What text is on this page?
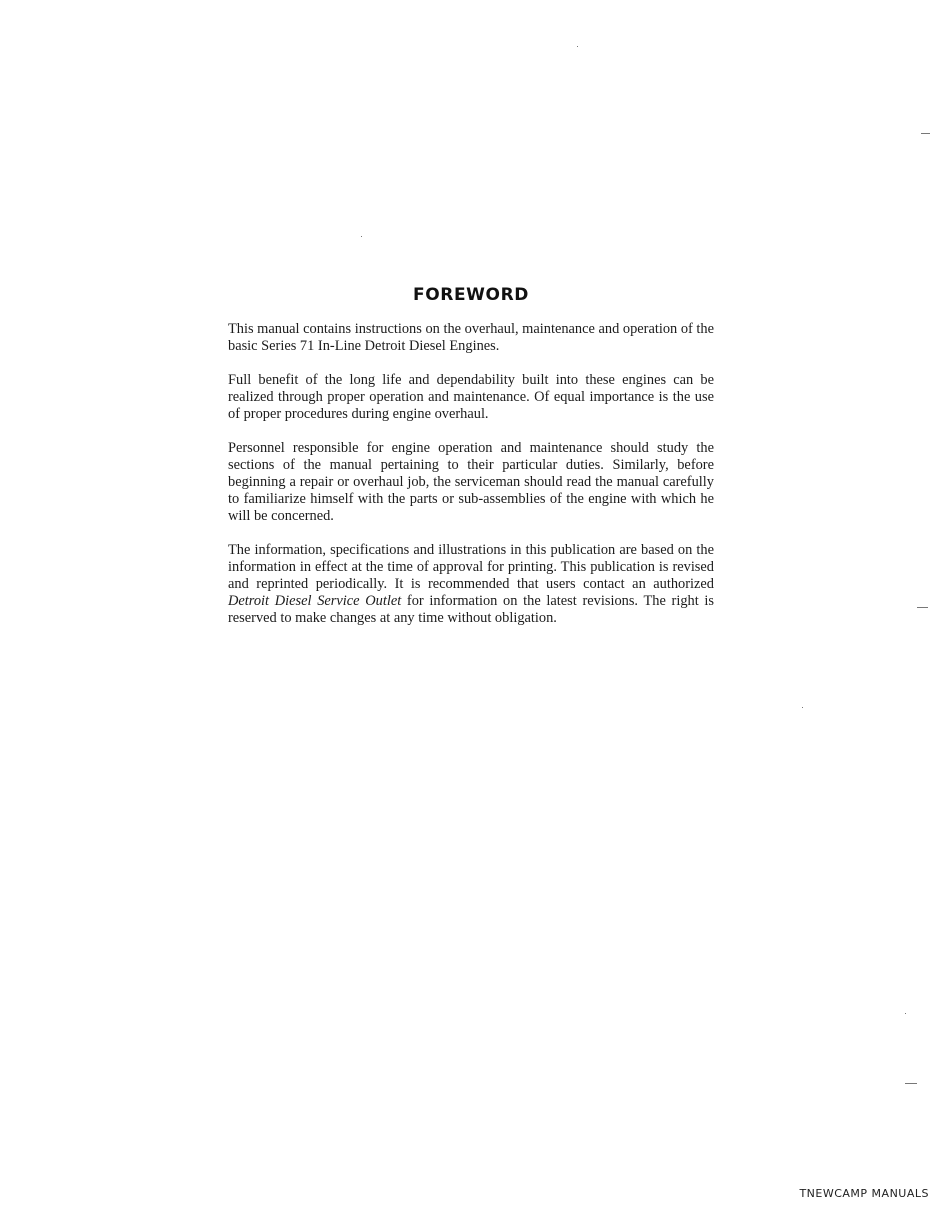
FOREWORD

This manual contains instructions on the overhaul, maintenance and operation of the basic Series 71 In-Line Detroit Diesel Engines.

Full benefit of the long life and dependability built into these engines can be realized through proper operation and maintenance. Of equal importance is the use of proper procedures during engine overhaul.

Personnel responsible for engine operation and maintenance should study the sections of the manual pertaining to their particular duties. Similarly, before beginning a repair or overhaul job, the serviceman should read the manual carefully to familiarize himself with the parts or sub-assemblies of the engine with which he will be concerned.

The information, specifications and illustrations in this publication are based on the information in effect at the time of approval for printing. This publication is revised and reprinted periodically. It is recommended that users contact an authorized Detroit Diesel Service Outlet for information on the latest revisions. The right is reserved to make changes at any time without obligation.

TNEWCAMP MANUALS
